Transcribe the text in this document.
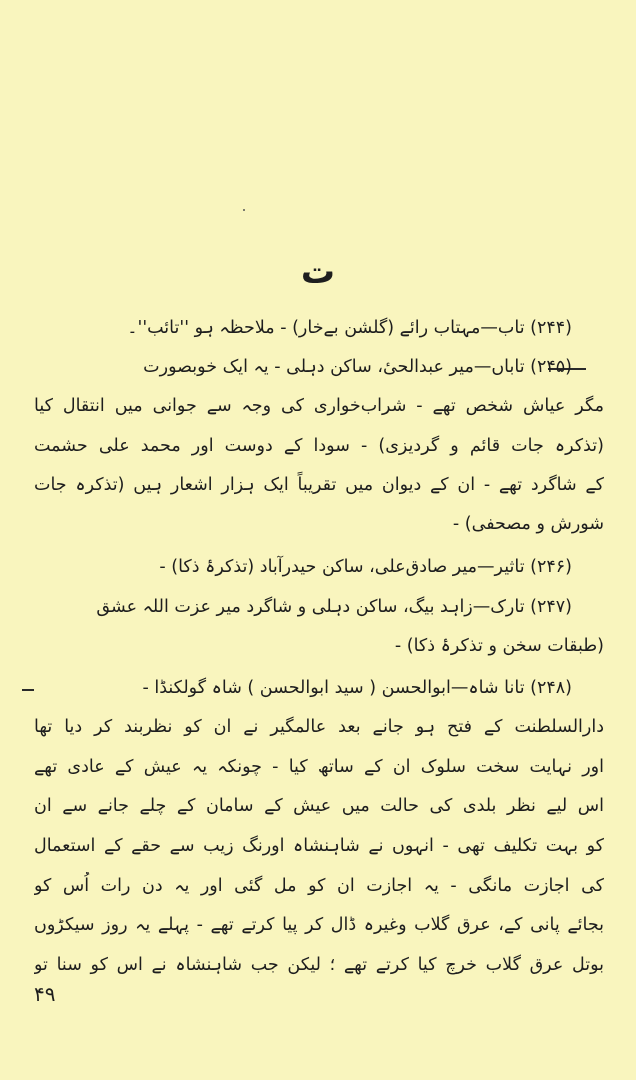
ت
(۲۴۴) تاب—مہتاب رائے (گلشن بےخار) - ملاحظہ ہو ''تائب''۔
(۲۴۵) تاباں—میر عبدالحیٔ، ساکن دہلی - یہ ایک خوبصورت
مگر عیاش شخص تھے - شراب‌خواری کی وجہ سے جوانی میں انتقال کیا
(تذکرہ جات قائم و گردیزی) - سودا کے دوست اور محمد علی حشمت
کے شاگرد تھے - ان کے دیوان میں تقریباً ایک ہزار اشعار ہیں (تذکرہ جات
شورش و مصحفی) -
(۲۴۶) تاثیر—میر صادق‌علی، ساکن حیدرآباد (تذکرۂ ذکا) -
(۲۴۷) تارک—زاہد بیگ، ساکن دہلی و شاگرد میر عزت اللہ عشق
(طبقات سخن و تذکرۂ ذکا) -
(۲۴۸) تانا شاہ—ابوالحسن ( سید ابوالحسن ) شاہ گولکنڈا -
دارالسلطنت کے فتح ہو جانے بعد عالمگیر نے ان کو نظربند کر دیا تھا
اور نہایت سخت سلوک ان کے ساتھ کیا - چونکہ یہ عیش کے عادی تھے
اس لیے نظر بلدی کی حالت میں عیش کے سامان کے چلے جانے سے ان
کو بہت تکلیف تھی - انہوں نے شاہنشاہ اورنگ زیب سے حقے کے استعمال
کی اجازت مانگی - یہ اجازت ان کو مل گئی اور یہ دن رات اُس کو
بجائے پانی کے، عرق گلاب وغیرہ ڈال کر پیا کرتے تھے - پہلے یہ روز سیکڑوں
بوتل عرق گلاب خرچ کیا کرتے تھے ؛ لیکن جب شاہنشاہ نے اس کو سنا تو
۴۹
